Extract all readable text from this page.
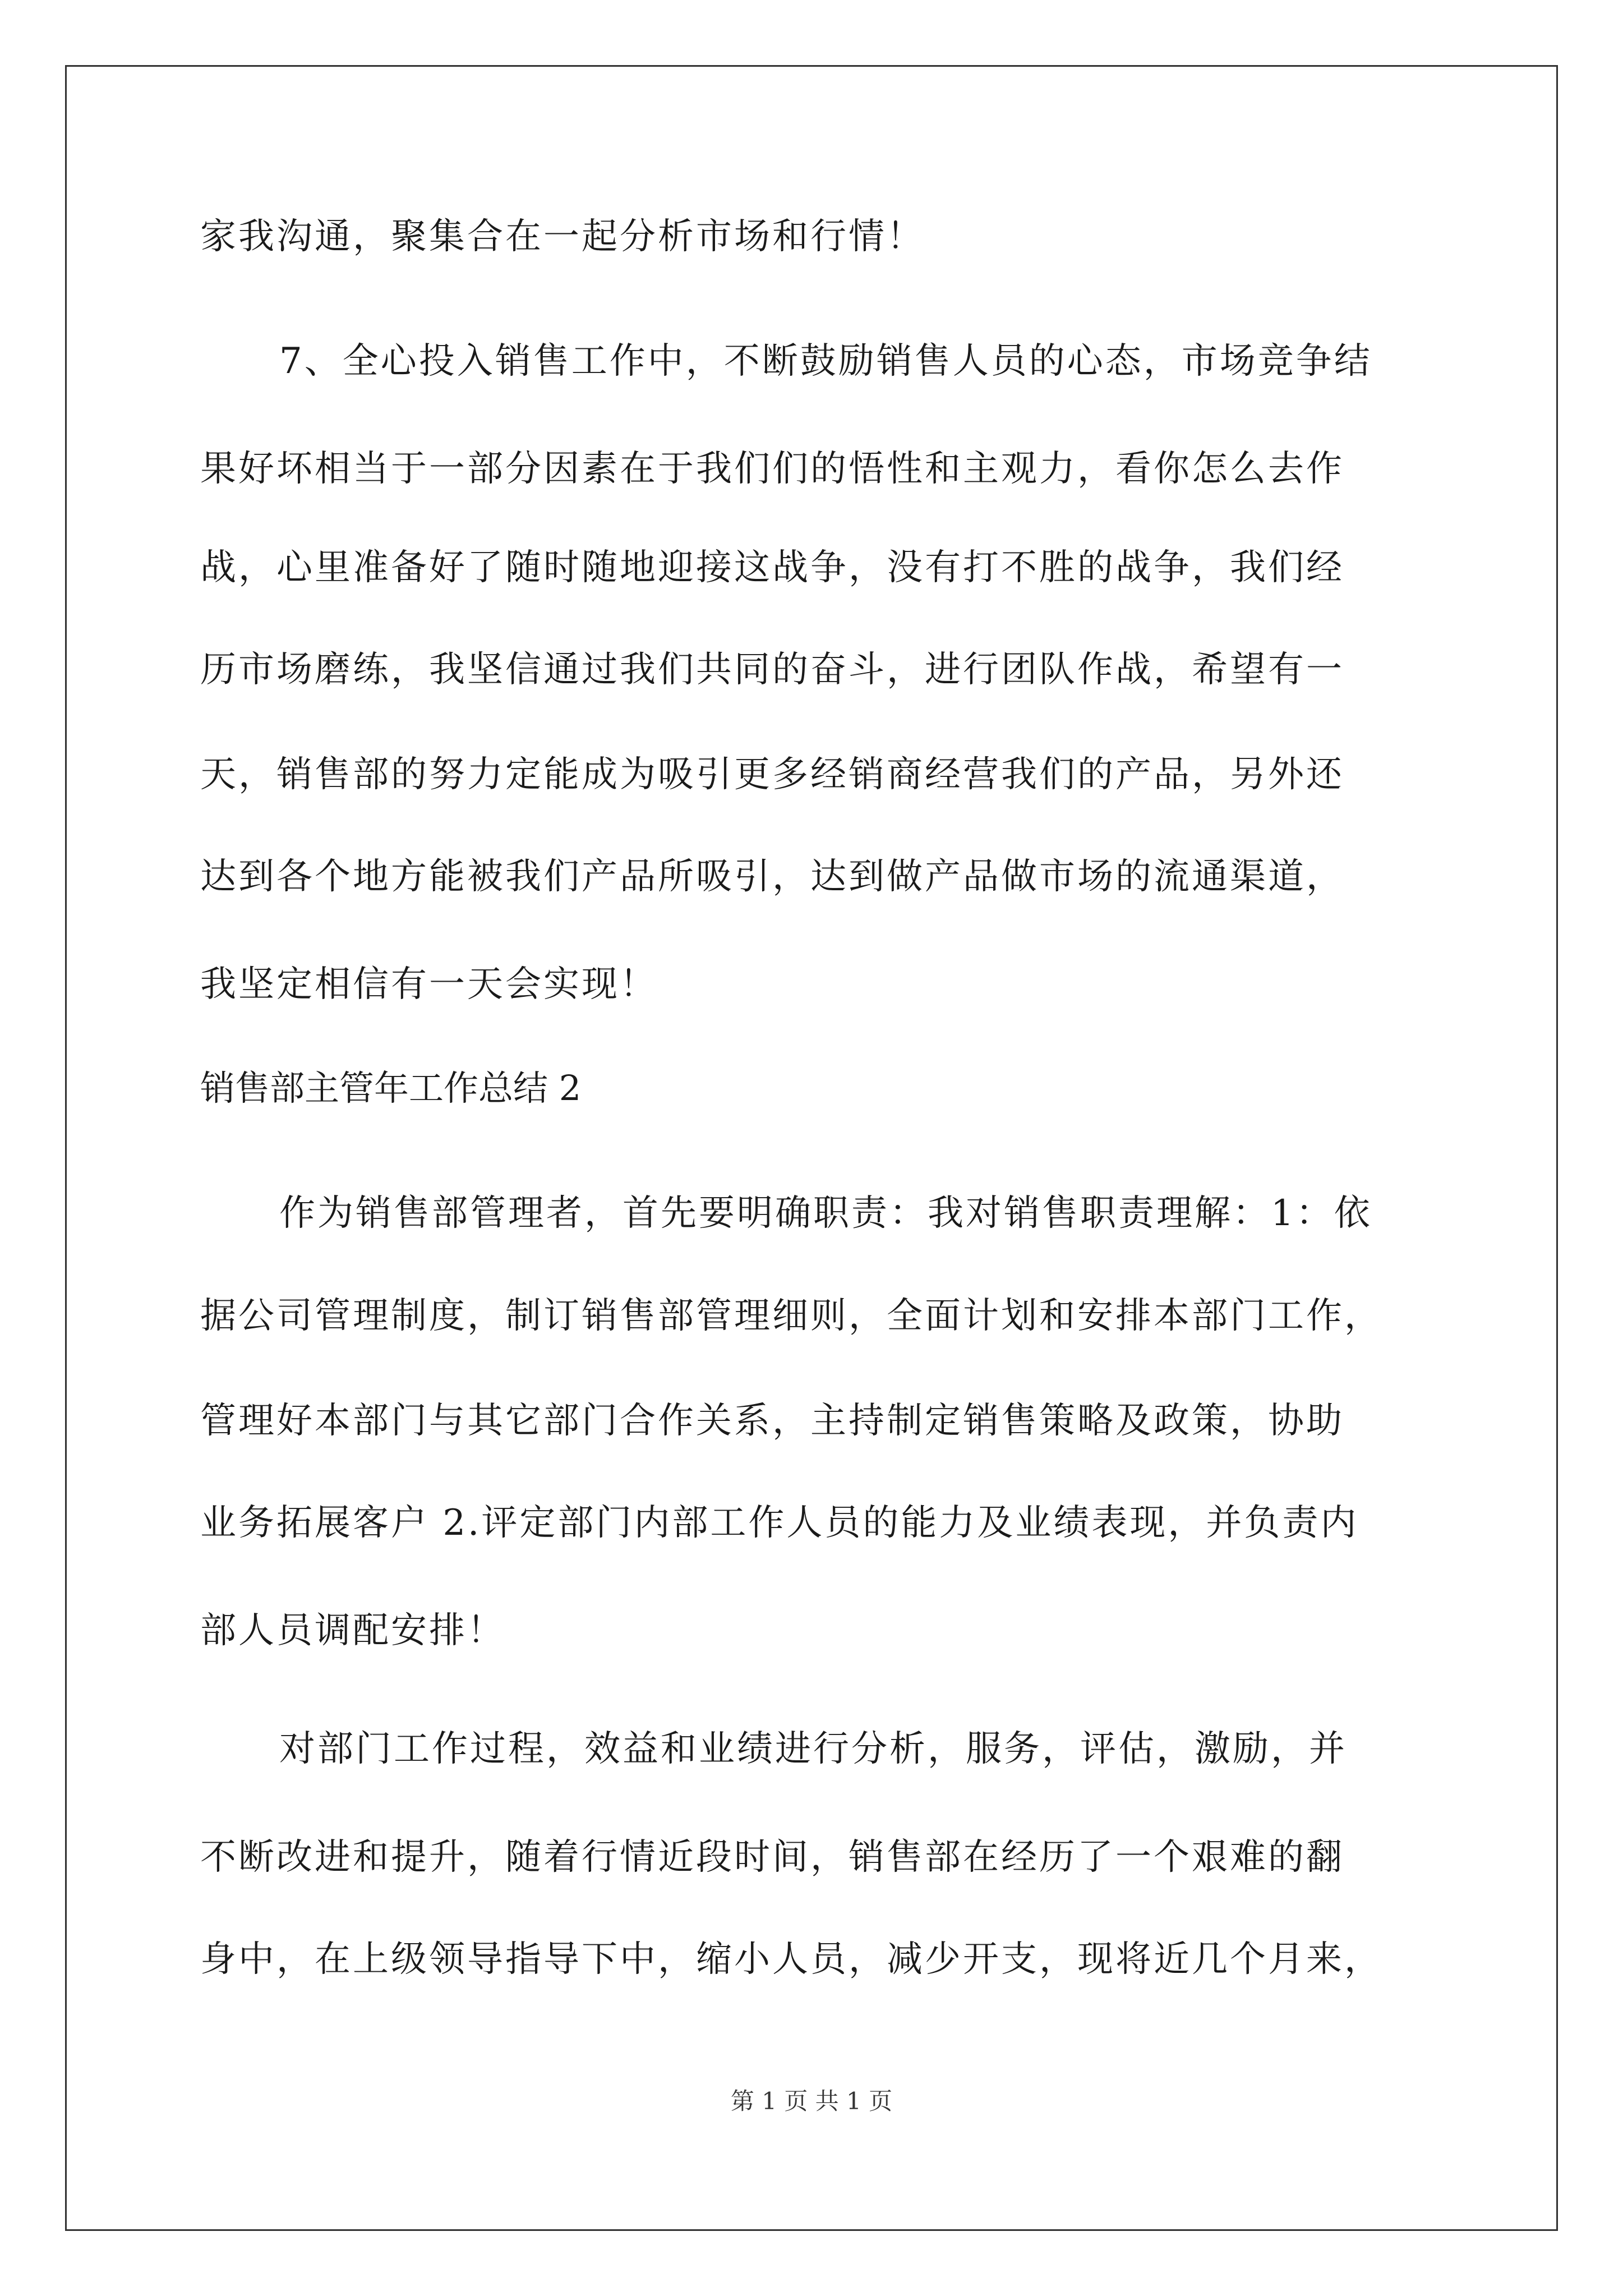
家我沟通，聚集合在一起分析市场和行情！
7、全心投入销售工作中，不断鼓励销售人员的心态，市场竞争结
果好坏相当于一部分因素在于我们们的悟性和主观力，看你怎么去作
战，心里准备好了随时随地迎接这战争，没有打不胜的战争，我们经
历市场磨练，我坚信通过我们共同的奋斗，进行团队作战，希望有一
天，销售部的努力定能成为吸引更多经销商经营我们的产品，另外还
达到各个地方能被我们产品所吸引，达到做产品做市场的流通渠道，
我坚定相信有一天会实现！
销售部主管年工作总结 2
作为销售部管理者，首先要明确职责：我对销售职责理解：1：依
据公司管理制度，制订销售部管理细则，全面计划和安排本部门工作，
管理好本部门与其它部门合作关系，主持制定销售策略及政策，协助
业务拓展客户 2.评定部门内部工作人员的能力及业绩表现，并负责内
部人员调配安排！
对部门工作过程，效益和业绩进行分析，服务，评估，激励，并
不断改进和提升，随着行情近段时间，销售部在经历了一个艰难的翻
身中，在上级领导指导下中，缩小人员，减少开支，现将近几个月来，
第 1 页 共 1 页
